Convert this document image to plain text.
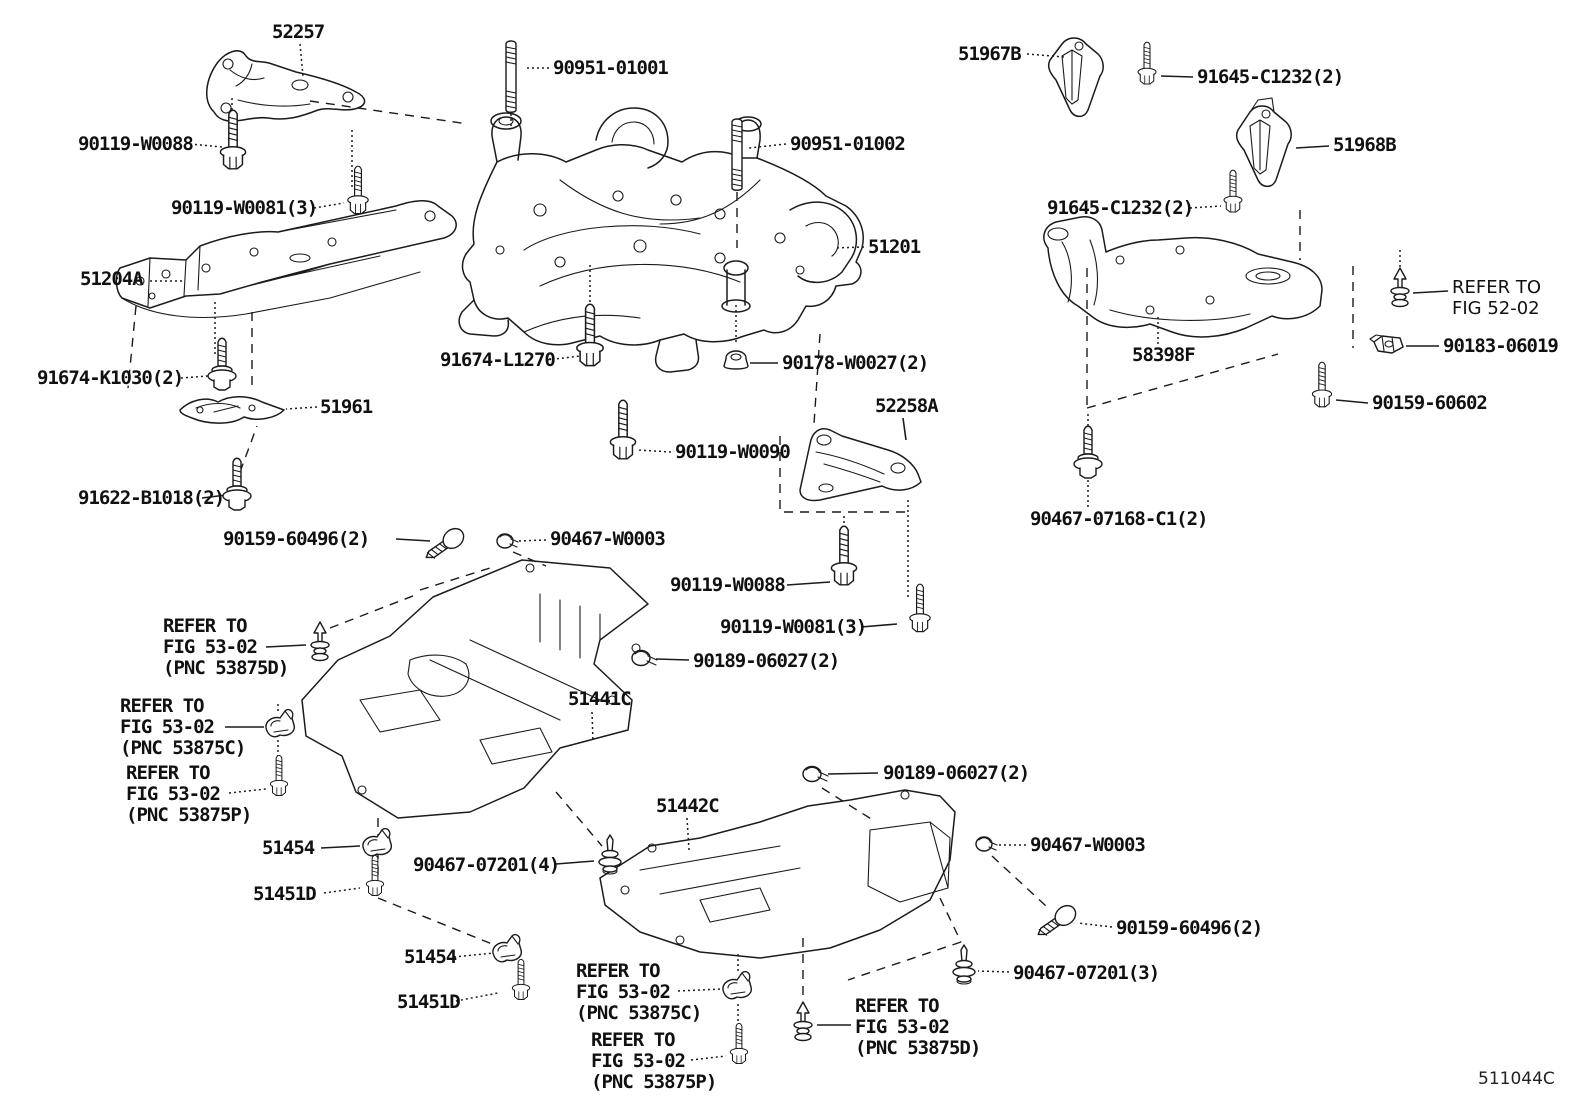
52257
90951-01001
90119-W0088
90119-W0081(3)
51204A
90951-01002
51201
91674-K1030(2)
51961
91674-L1270	90178-W0027(2)
91622-B1018(2)
90119-W0090
52258A
90119-W0088
90119-W0081(3)
51967B
91645-C1232(2)
51968B
91645-C1232(2)
58398F
REFER TO FIG 52-02
90183-06019
90159-60602
90467-07168-C1(2)
90159-60496(2)	90467-W0003
REFER TO FIG 53-02 (PNC 53875D)
REFER TO FIG 53-02 (PNC 53875C)
REFER TO FIG 53-02 (PNC 53875P)
51454
51451D
90467-07201(4)
51441C
51442C
90189-06027(2)
90189-06027(2)
90467-W0003
90159-60496(2)
90467-07201(3)
51454
51451D
REFER TO FIG 53-02 (PNC 53875C)
REFER TO FIG 53-02 (PNC 53875P)
REFER TO FIG 53-02 (PNC 53875D)
511044C
